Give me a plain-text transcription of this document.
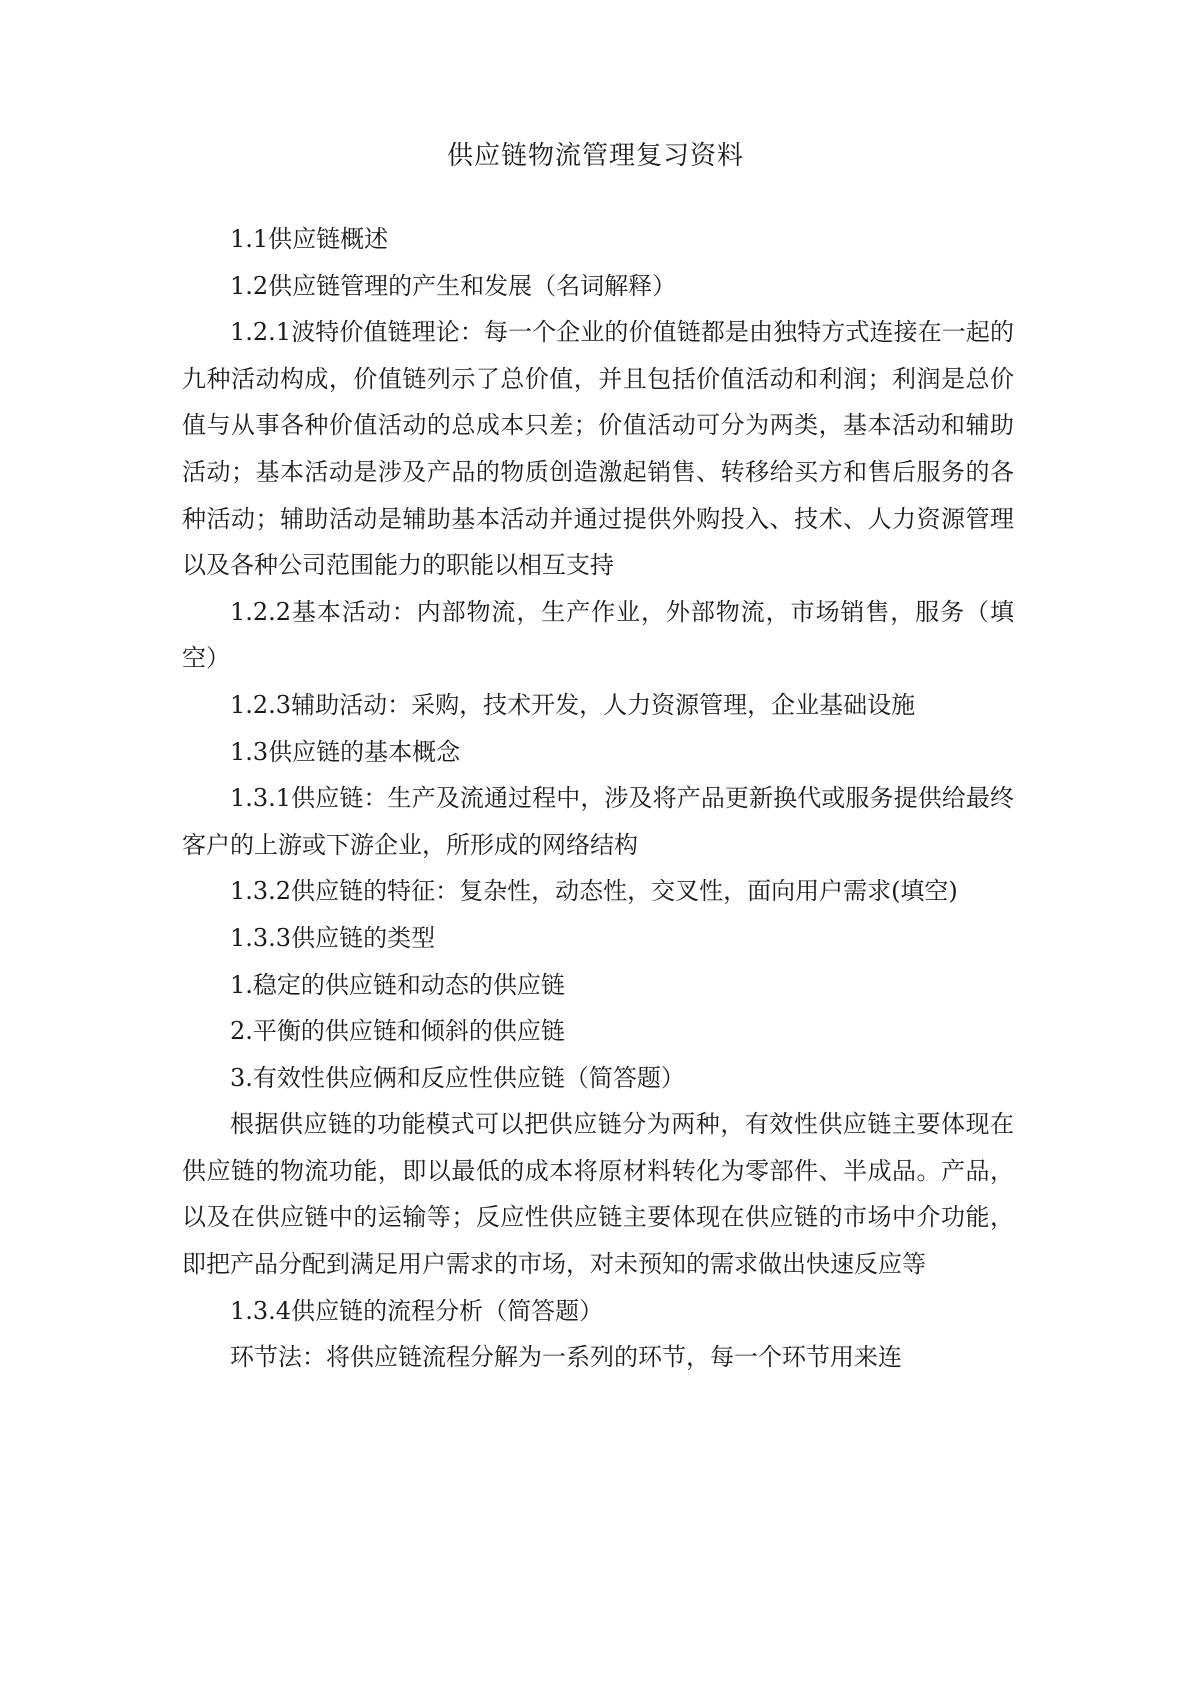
供应链物流管理复习资料

1.1供应链概述

1.2供应链管理的产生和发展（名词解释）

1.2.1波特价值链理论：每一个企业的价值链都是由独特方式连接在一起的九种活动构成，价值链列示了总价值，并且包括价值活动和利润；利润是总价值与从事各种价值活动的总成本只差；价值活动可分为两类，基本活动和辅助活动；基本活动是涉及产品的物质创造激起销售、转移给买方和售后服务的各种活动；辅助活动是辅助基本活动并通过提供外购投入、技术、人力资源管理以及各种公司范围能力的职能以相互支持

1.2.2基本活动：内部物流，生产作业，外部物流，市场销售，服务（填空）

1.2.3辅助活动：采购，技术开发，人力资源管理，企业基础设施

1.3供应链的基本概念

1.3.1供应链：生产及流通过程中，涉及将产品更新换代或服务提供给最终客户的上游或下游企业，所形成的网络结构

1.3.2供应链的特征：复杂性，动态性，交叉性，面向用户需求(填空)

1.3.3供应链的类型

1.稳定的供应链和动态的供应链

2.平衡的供应链和倾斜的供应链

3.有效性供应俩和反应性供应链（简答题）

根据供应链的功能模式可以把供应链分为两种，有效性供应链主要体现在供应链的物流功能，即以最低的成本将原材料转化为零部件、半成品。产品，以及在供应链中的运输等；反应性供应链主要体现在供应链的市场中介功能，即把产品分配到满足用户需求的市场，对未预知的需求做出快速反应等

1.3.4供应链的流程分析（简答题）

环节法：将供应链流程分解为一系列的环节，每一个环节用来连
